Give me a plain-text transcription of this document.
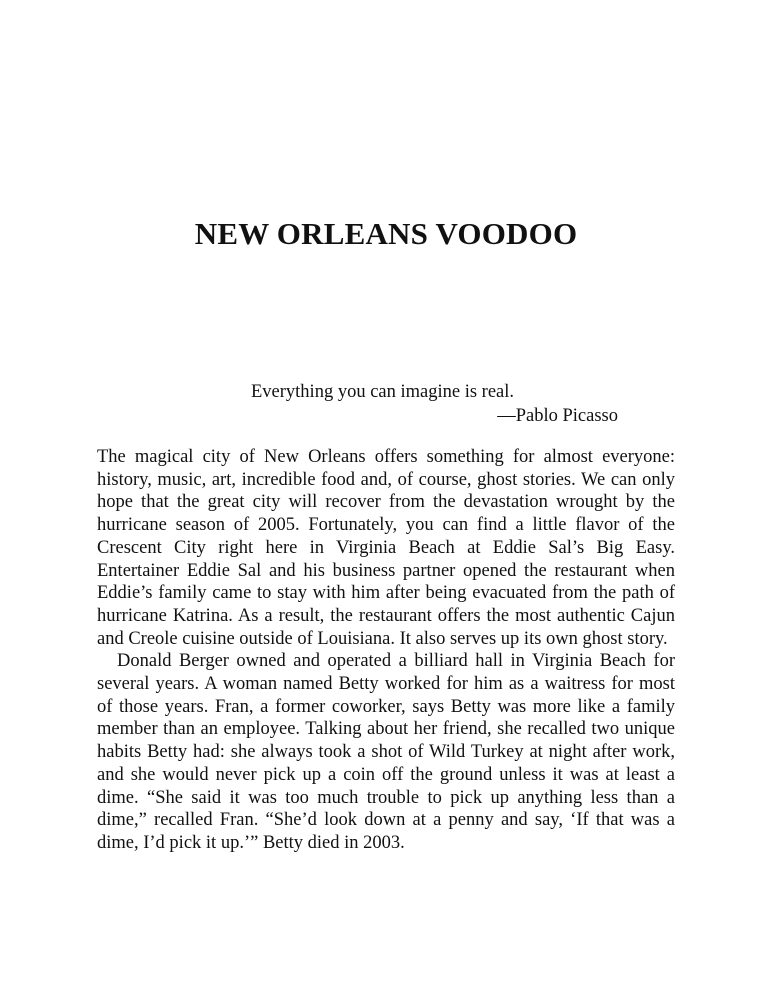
NEW ORLEANS VOODOO
Everything you can imagine is real.
—Pablo Picasso

The magical city of New Orleans offers something for almost everyone: history, music, art, incredible food and, of course, ghost stories. We can only hope that the great city will recover from the devastation wrought by the hurricane season of 2005. Fortunately, you can find a little flavor of the Crescent City right here in Virginia Beach at Eddie Sal’s Big Easy. Entertainer Eddie Sal and his business partner opened the restaurant when Eddie’s family came to stay with him after being evacuated from the path of hurricane Katrina. As a result, the restaurant offers the most authentic Cajun and Creole cuisine outside of Louisiana. It also serves up its own ghost story.

Donald Berger owned and operated a billiard hall in Virginia Beach for several years. A woman named Betty worked for him as a waitress for most of those years. Fran, a former coworker, says Betty was more like a family member than an employee. Talking about her friend, she recalled two unique habits Betty had: she always took a shot of Wild Turkey at night after work, and she would never pick up a coin off the ground unless it was at least a dime. “She said it was too much trouble to pick up anything less than a dime,” recalled Fran. “She’d look down at a penny and say, ‘If that was a dime, I’d pick it up.’” Betty died in 2003.
